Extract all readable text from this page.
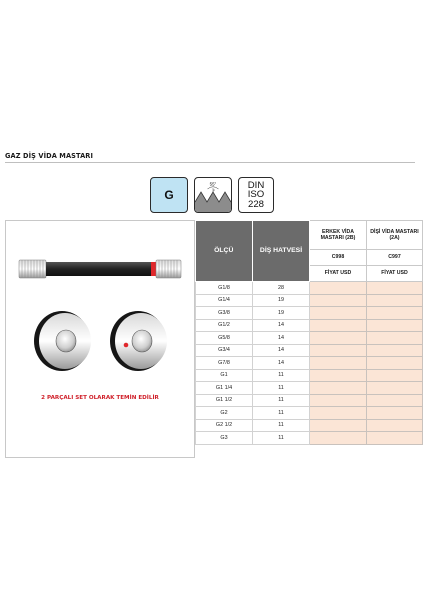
GAZ DİŞ VİDA MASTARI
G
55°
P
DIN
ISO
228
2 PARÇALI SET OLARAK TEMİN EDİLİR
ÖLÇÜ	DİŞ HATVESİ	ERKEK VİDA MASTARI (2B)	DİŞİ VİDA MASTARI (2A)
		C998	C997
		FİYAT USD	FİYAT USD
G1/8	28		
G1/4	19		
G3/8	19		
G1/2	14		
G5/8	14		
G3/4	14		
G7/8	14		
G1	11		
G1 1/4	11		
G1 1/2	11		
G2	11		
G2 1/2	11		
G3	11		
